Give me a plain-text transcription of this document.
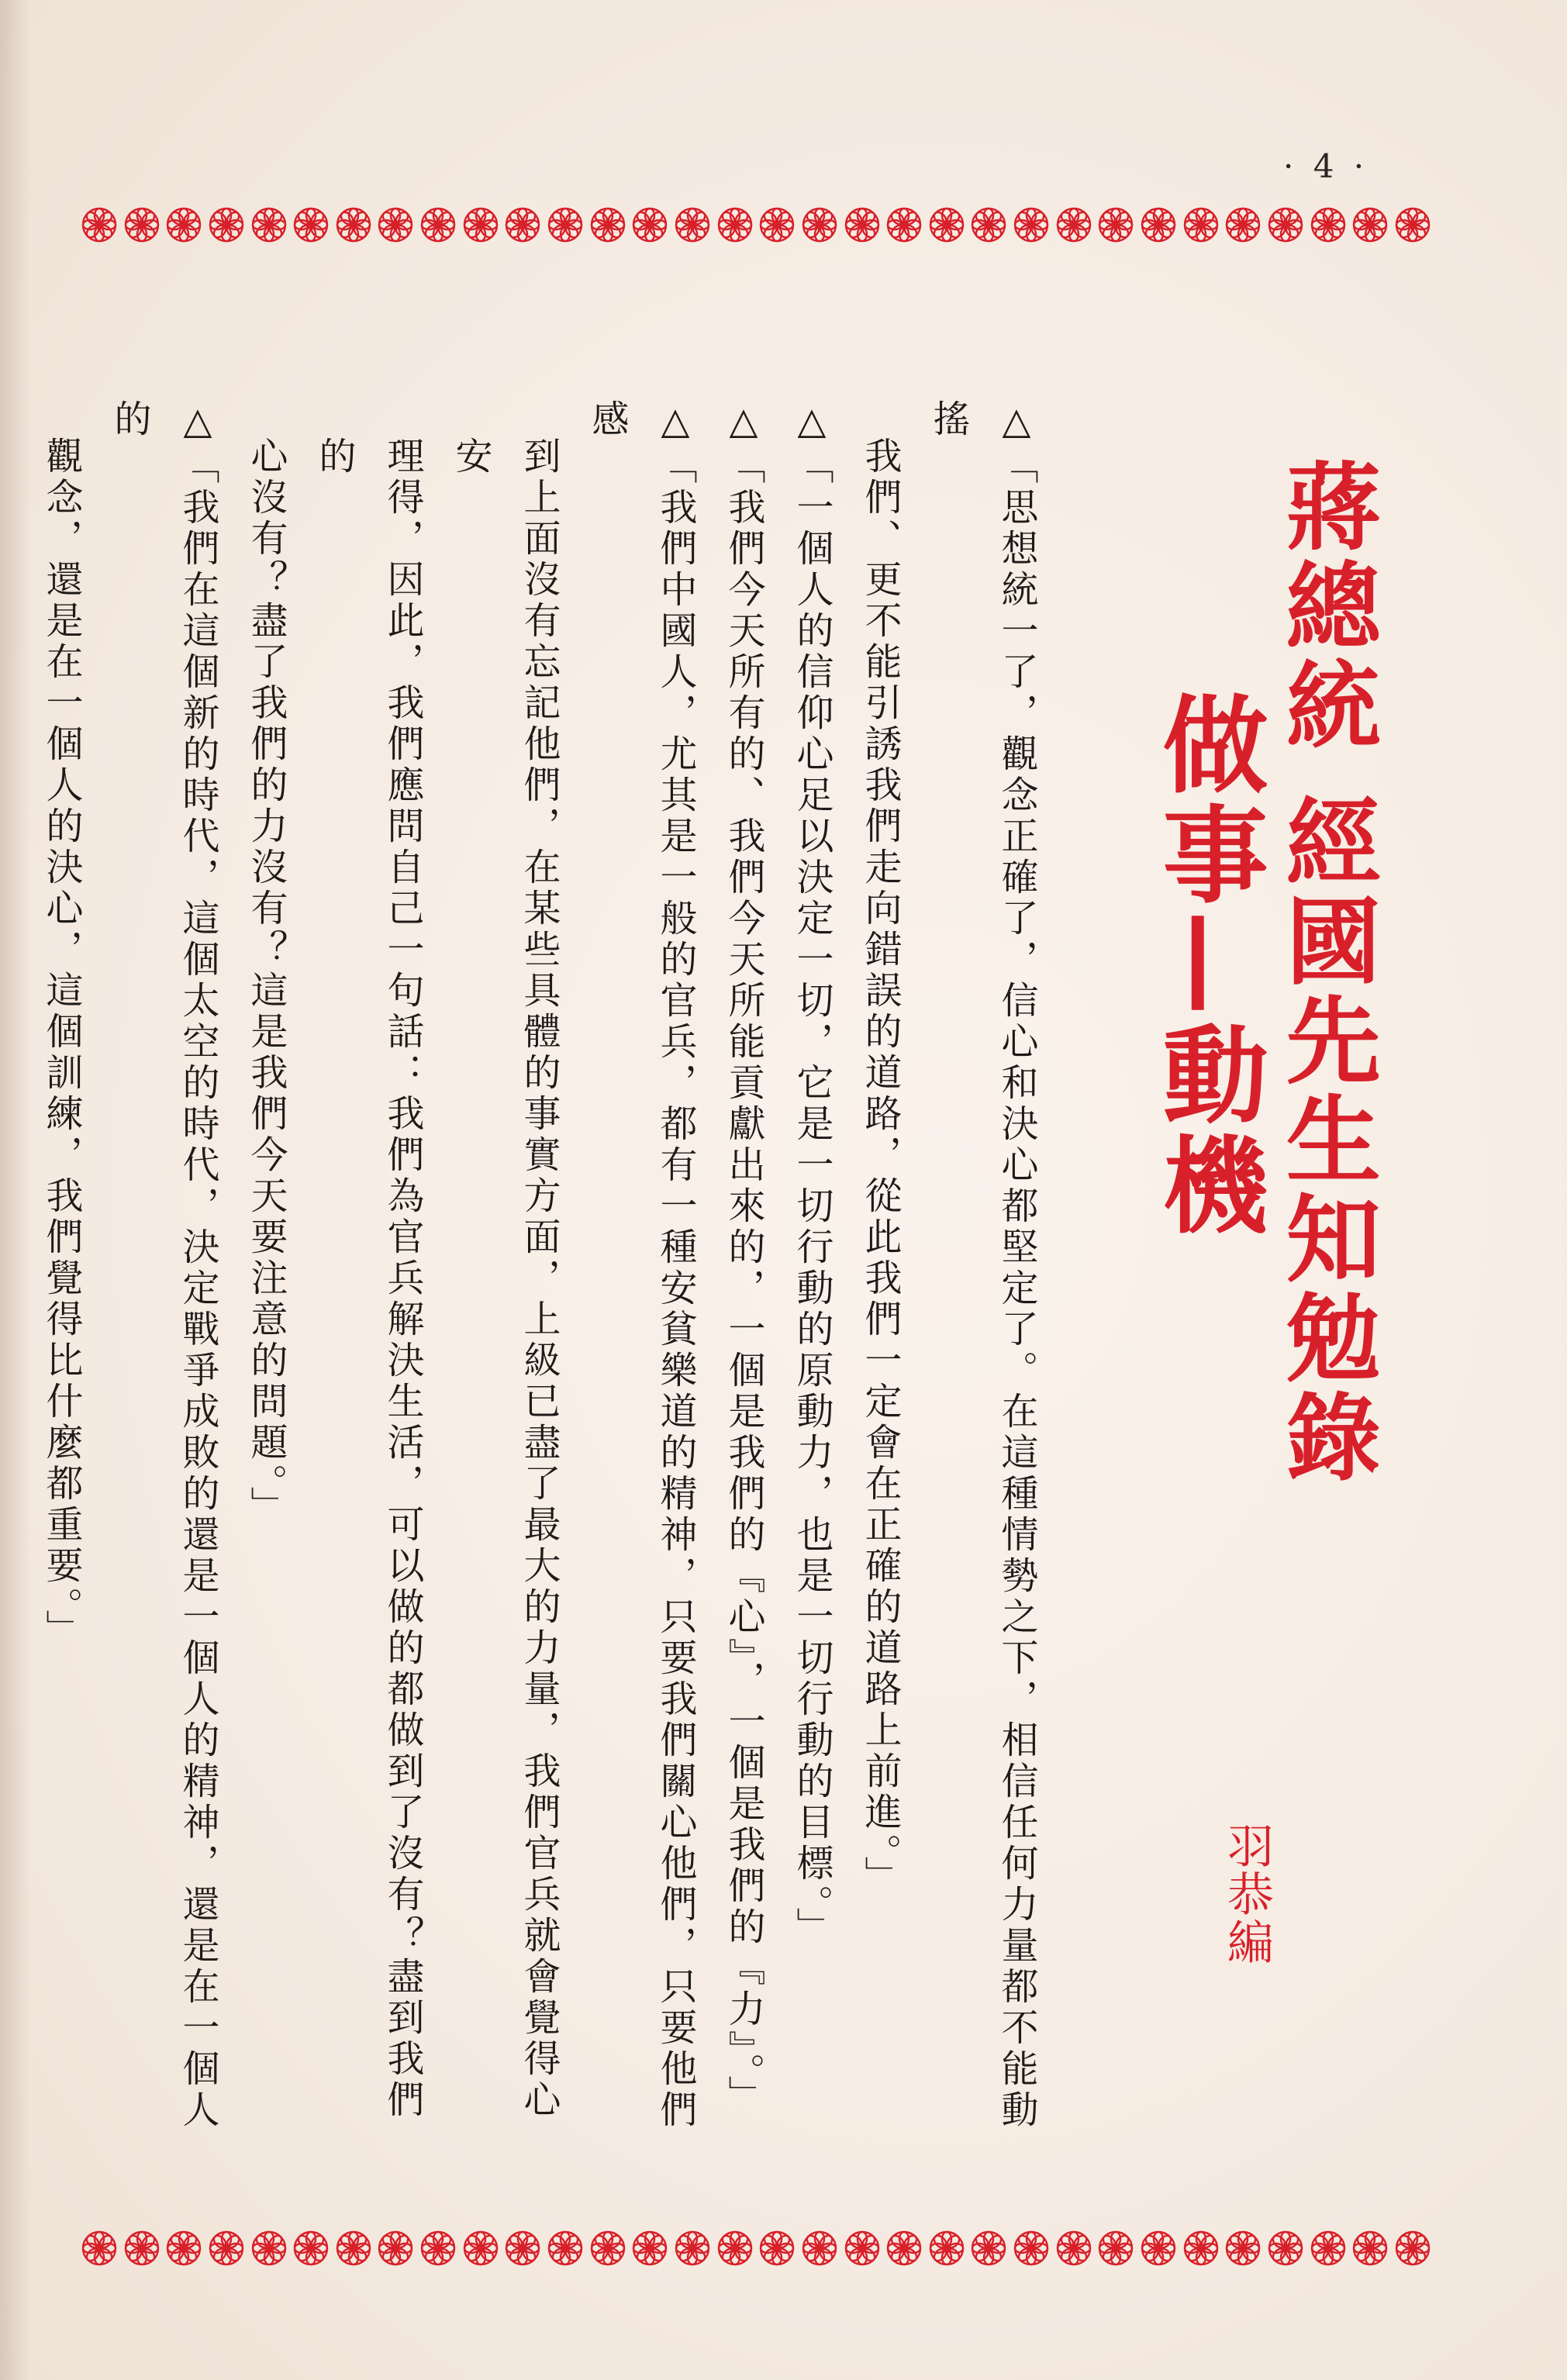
· 4 ·
蔣總統 經國先生知勉錄
做事—動機
羽恭編

△「思想統一了，觀念正確了，信心和決心都堅定了。在這種情勢之下，相信任何力量都不能動搖
我們、更不能引誘我們走向錯誤的道路，從此我們一定會在正確的道路上前進。」

△「一個人的信仰心足以決定一切，它是一切行動的原動力，也是一切行動的目標。」

△「我們今天所有的、我們今天所能貢獻出來的，一個是我們的『心』，一個是我們的『力』。」

△「我們中國人，尤其是一般的官兵，都有一種安貧樂道的精神，只要我們關心他們，只要他們感
到上面沒有忘記他們，在某些具體的事實方面，上級已盡了最大的力量，我們官兵就會覺得心安
理得，因此，我們應問自己一句話：我們為官兵解決生活，可以做的都做到了沒有？盡到我們的
心沒有？盡了我們的力沒有？這是我們今天要注意的問題。」

△「我們在這個新的時代，這個太空的時代，決定戰爭成敗的還是一個人的精神，還是在一個人的
觀念，還是在一個人的決心，這個訓練，我們覺得比什麼都重要。」
